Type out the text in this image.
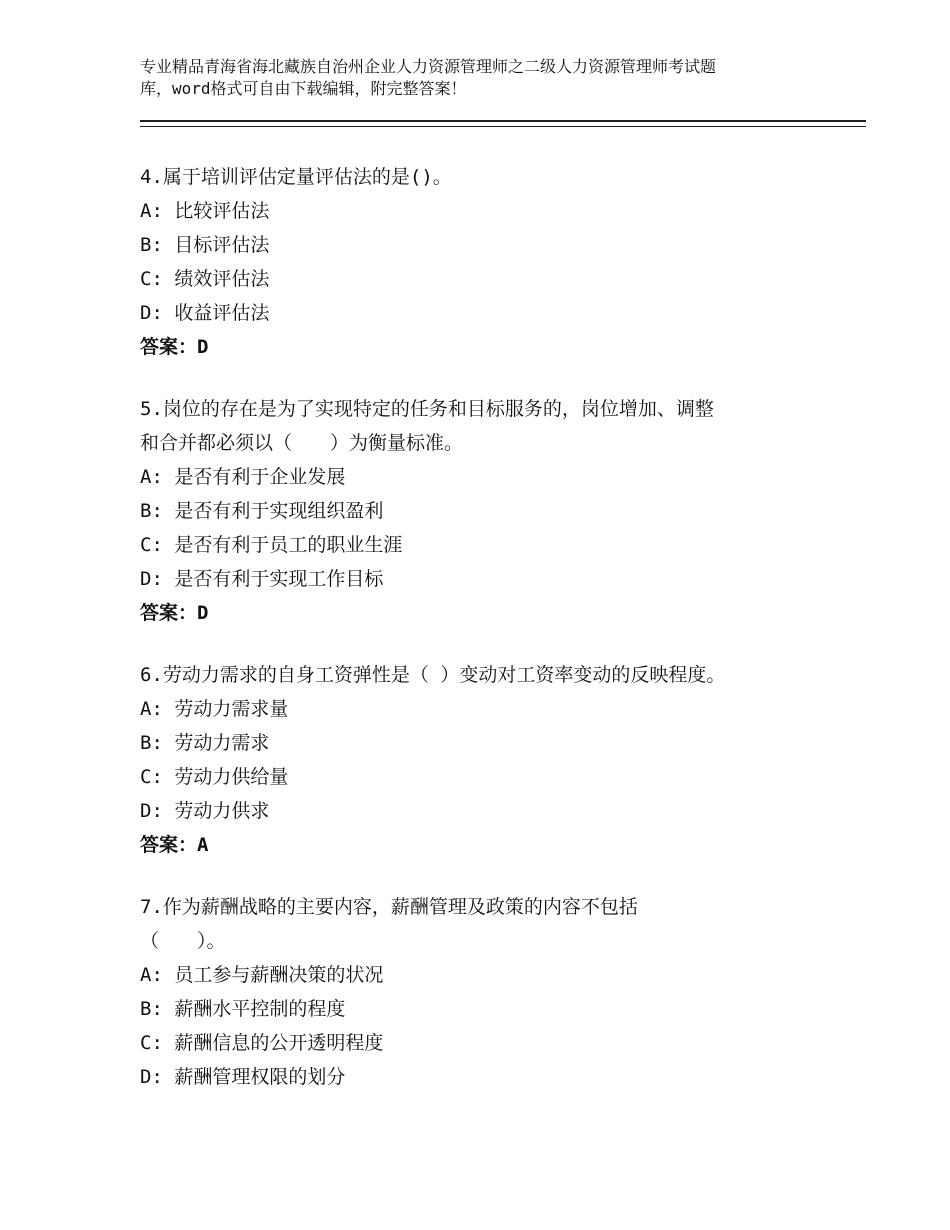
专业精品青海省海北藏族自治州企业人力资源管理师之二级人力资源管理师考试题
库，word格式可自由下载编辑，附完整答案！
4.属于培训评估定量评估法的是()。
A: 比较评估法
B: 目标评估法
C: 绩效评估法
D: 收益评估法
答案：D
5.岗位的存在是为了实现特定的任务和目标服务的，岗位增加、调整
和合并都必须以（　　）为衡量标准。
A: 是否有利于企业发展
B: 是否有利于实现组织盈利
C: 是否有利于员工的职业生涯
D: 是否有利于实现工作目标
答案：D
6.劳动力需求的自身工资弹性是（ ）变动对工资率变动的反映程度。
A: 劳动力需求量
B: 劳动力需求
C: 劳动力供给量
D: 劳动力供求
答案：A
7.作为薪酬战略的主要内容，薪酬管理及政策的内容不包括
（　　）。
A: 员工参与薪酬决策的状况
B: 薪酬水平控制的程度
C: 薪酬信息的公开透明程度
D: 薪酬管理权限的划分
